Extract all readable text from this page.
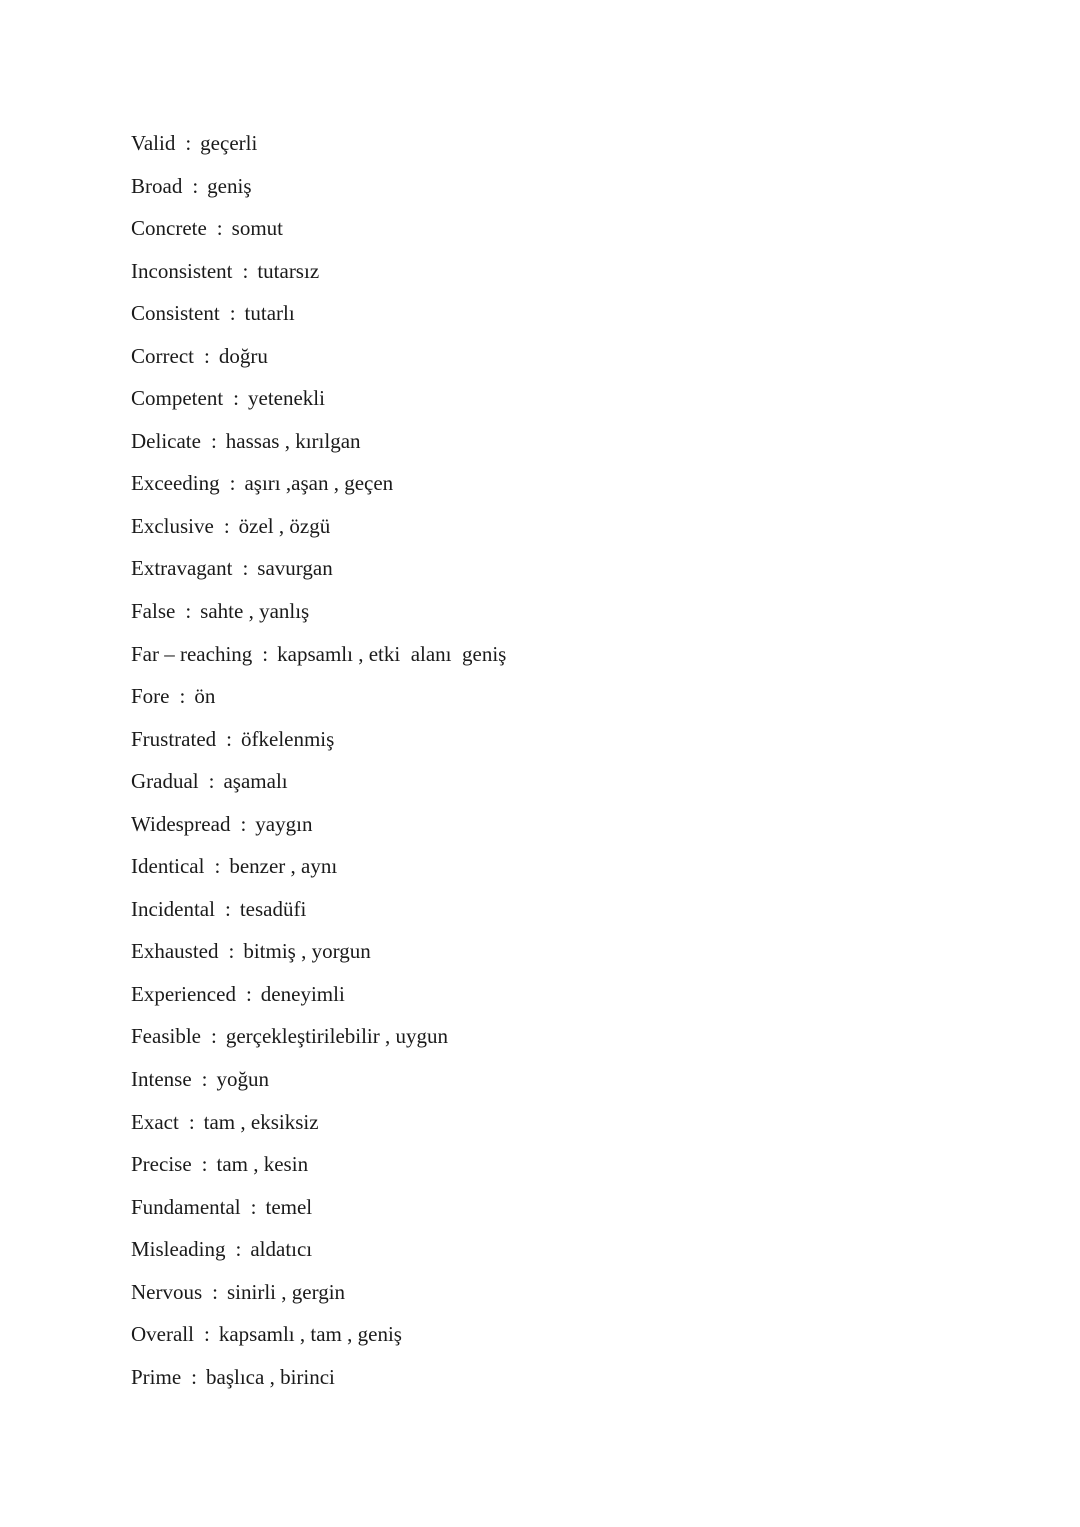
Valid : geçerli
Broad : geniş
Concrete : somut
Inconsistent : tutarsız
Consistent : tutarlı
Correct : doğru
Competent : yetenekli
Delicate : hassas , kırılgan
Exceeding : aşırı ,aşan , geçen
Exclusive : özel , özgü
Extravagant : savurgan
False : sahte , yanlış
Far – reaching : kapsamlı , etki  alanı  geniş
Fore : ön
Frustrated : öfkelenmiş
Gradual : aşamalı
Widespread : yaygın
Identical : benzer , aynı
Incidental : tesadüfi
Exhausted : bitmiş , yorgun
Experienced : deneyimli
Feasible : gerçekleştirilebilir , uygun
Intense : yoğun
Exact : tam , eksiksiz
Precise : tam , kesin
Fundamental : temel
Misleading : aldatıcı
Nervous : sinirli , gergin
Overall : kapsamlı , tam , geniş
Prime : başlıca , birinci
